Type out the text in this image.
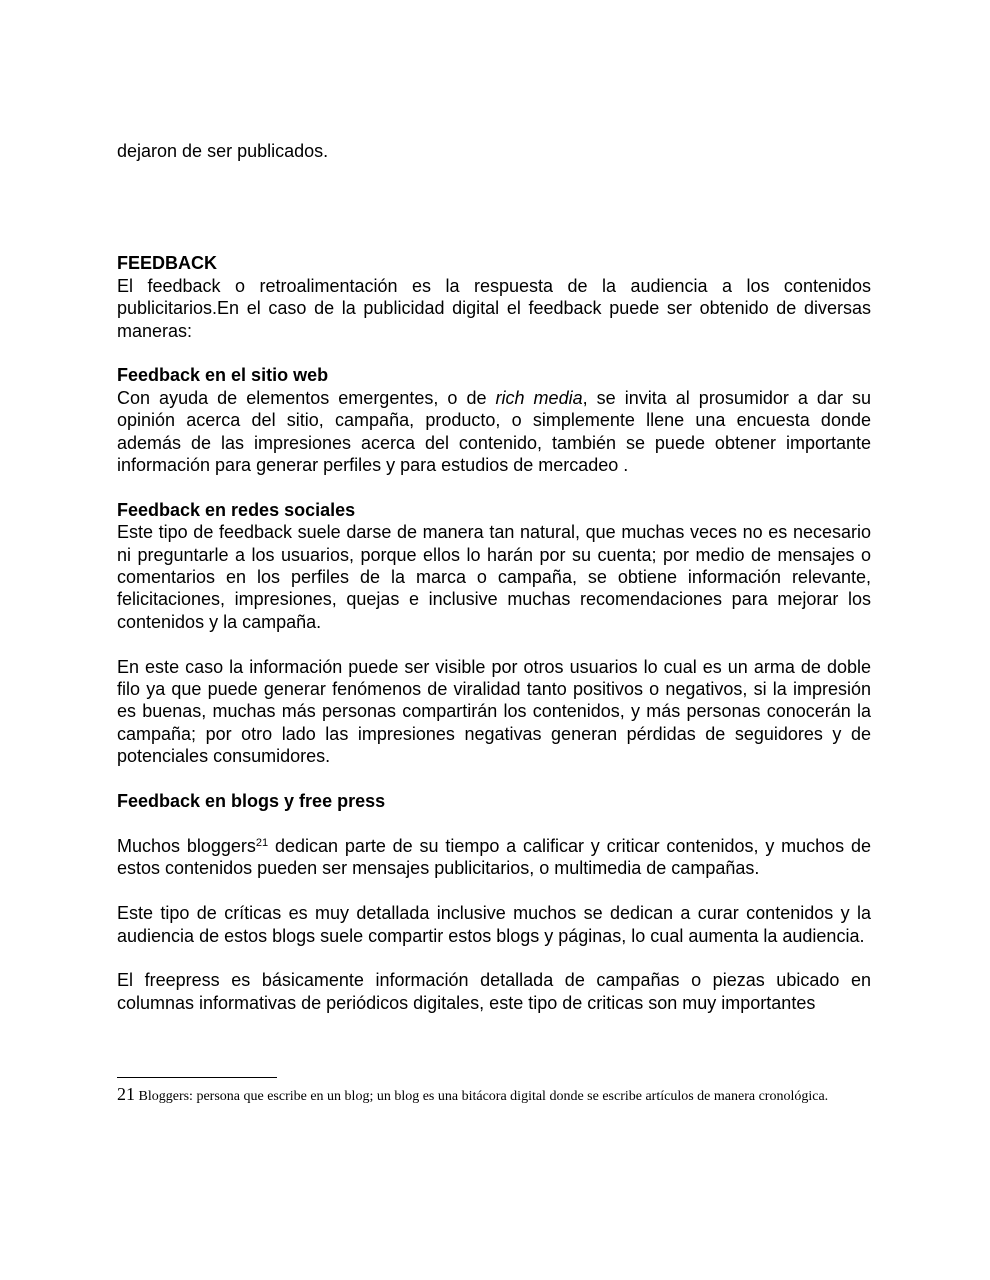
dejaron de ser publicados.

FEEDBACK

El feedback o retroalimentación es la respuesta de la audiencia a los contenidos publicitarios.En el caso de la publicidad digital el feedback puede ser obtenido de diversas maneras:

Feedback en el sitio web

Con ayuda de elementos emergentes, o de rich media, se invita al prosumidor a dar su opinión acerca del sitio, campaña, producto, o simplemente llene una encuesta donde además de las impresiones acerca del contenido, también se puede obtener importante información para generar perfiles y para estudios de mercadeo .

Feedback en redes sociales

Este tipo de feedback suele darse de manera tan natural, que muchas veces no es necesario ni preguntarle a los usuarios, porque ellos lo harán por su cuenta; por medio de mensajes o comentarios en los perfiles de la marca o campaña, se obtiene información relevante, felicitaciones, impresiones, quejas e inclusive muchas recomendaciones para mejorar los contenidos y la campaña.

En este caso la información puede ser visible por otros usuarios lo cual es un arma de doble filo ya que puede generar fenómenos de viralidad tanto positivos o negativos, si la impresión es buenas, muchas más personas compartirán los contenidos, y más personas conocerán la campaña; por otro lado las impresiones negativas generan pérdidas de seguidores y de potenciales consumidores.

Feedback en blogs y free press

Muchos bloggers$^{21}$ dedican parte de su tiempo a calificar y criticar contenidos, y muchos de estos contenidos pueden ser mensajes publicitarios, o multimedia de campañas.

Este tipo de críticas es muy detallada inclusive muchos se dedican a curar contenidos y la audiencia de estos blogs suele compartir estos blogs y páginas, lo cual aumenta la audiencia.

El freepress es básicamente información detallada de campañas o piezas ubicado en columnas informativas de periódicos digitales, este tipo de criticas son muy importantes

21 Bloggers: persona que escribe en un blog; un blog es una bitácora digital donde se escribe artículos de manera cronológica.
